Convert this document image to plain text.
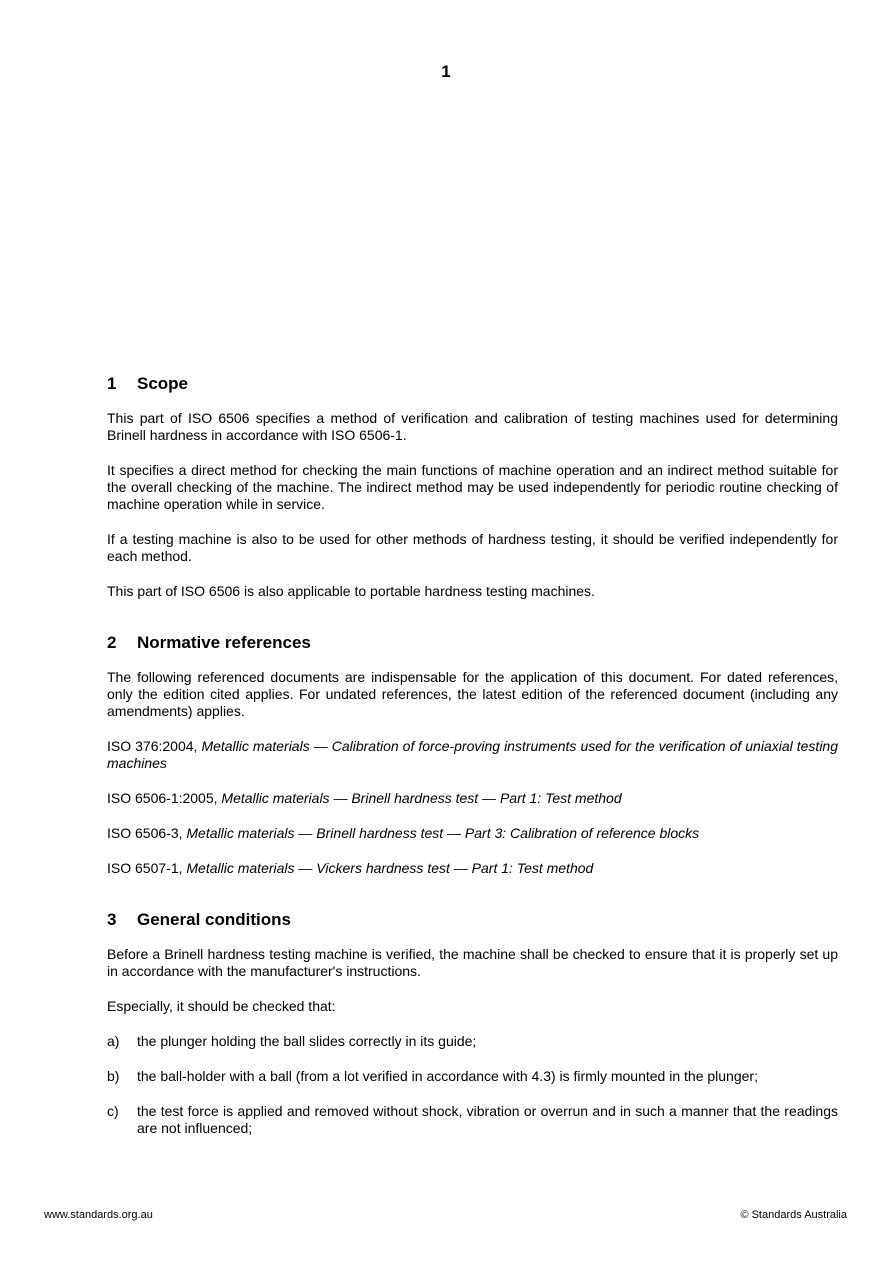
1
1	Scope

This part of ISO 6506 specifies a method of verification and calibration of testing machines used for determining Brinell hardness in accordance with ISO 6506-1.

It specifies a direct method for checking the main functions of machine operation and an indirect method suitable for the overall checking of the machine. The indirect method may be used independently for periodic routine checking of machine operation while in service.

If a testing machine is also to be used for other methods of hardness testing, it should be verified independently for each method.

This part of ISO 6506 is also applicable to portable hardness testing machines.

2	Normative references

The following referenced documents are indispensable for the application of this document. For dated references, only the edition cited applies. For undated references, the latest edition of the referenced document (including any amendments) applies.

ISO 376:2004, Metallic materials — Calibration of force-proving instruments used for the verification of uniaxial testing machines

ISO 6506-1:2005, Metallic materials — Brinell hardness test — Part 1: Test method

ISO 6506-3, Metallic materials — Brinell hardness test — Part 3: Calibration of reference blocks

ISO 6507-1, Metallic materials — Vickers hardness test — Part 1: Test method

3	General conditions

Before a Brinell hardness testing machine is verified, the machine shall be checked to ensure that it is properly set up in accordance with the manufacturer's instructions.

Especially, it should be checked that:

a)	the plunger holding the ball slides correctly in its guide;
b)	the ball-holder with a ball (from a lot verified in accordance with 4.3) is firmly mounted in the plunger;
c)	the test force is applied and removed without shock, vibration or overrun and in such a manner that the readings are not influenced;
www.standards.org.au	© Standards Australia
